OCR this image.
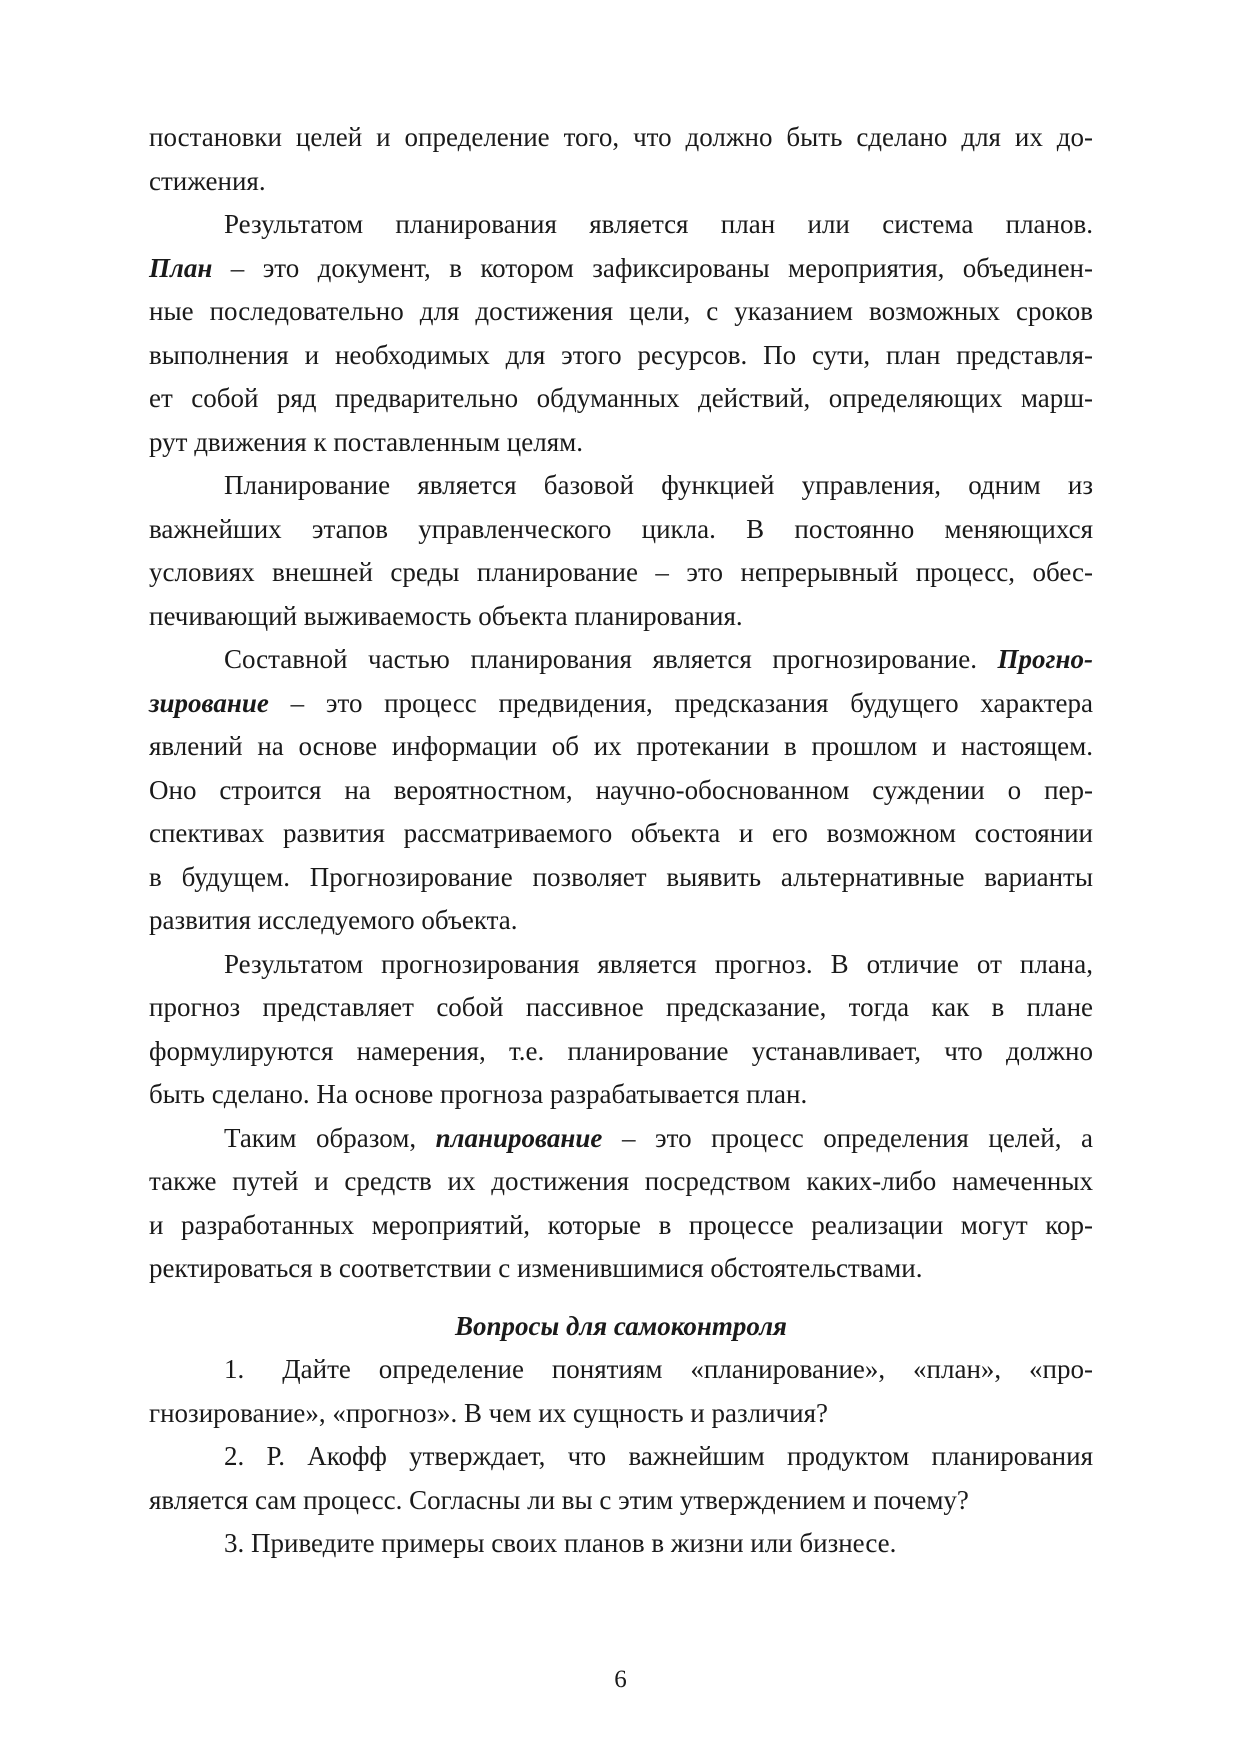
постановки целей и определение того, что должно быть сделано для их до-
стижения.
Результатом планирования является план или система планов.
План – это документ, в котором зафиксированы мероприятия, объединен-
ные последовательно для достижения цели, с указанием возможных сроков
выполнения и необходимых для этого ресурсов. По сути, план представля-
ет собой ряд предварительно обдуманных действий, определяющих марш-
рут движения к поставленным целям.
Планирование является базовой функцией управления, одним из
важнейших этапов управленческого цикла. В постоянно меняющихся
условиях внешней среды планирование – это непрерывный процесс, обес-
печивающий выживаемость объекта планирования.
Составной частью планирования является прогнозирование. Прогно-
зирование – это процесс предвидения, предсказания будущего характера
явлений на основе информации об их протекании в прошлом и настоящем.
Оно строится на вероятностном, научно-обоснованном суждении о пер-
спективах развития рассматриваемого объекта и его возможном состоянии
в будущем. Прогнозирование позволяет выявить альтернативные варианты
развития исследуемого объекта.
Результатом прогнозирования является прогноз. В отличие от плана,
прогноз представляет собой пассивное предсказание, тогда как в плане
формулируются намерения, т.е. планирование устанавливает, что должно
быть сделано. На основе прогноза разрабатывается план.
Таким образом, планирование – это процесс определения целей, а
также путей и средств их достижения посредством каких-либо намеченных
и разработанных мероприятий, которые в процессе реализации могут кор-
ректироваться в соответствии с изменившимися обстоятельствами.
Вопросы для самоконтроля
1. Дайте определение понятиям «планирование», «план», «про-
гнозирование», «прогноз». В чем их сущность и различия?
2. Р. Акофф утверждает, что важнейшим продуктом планирования
является сам процесс. Согласны ли вы с этим утверждением и почему?
3. Приведите примеры своих планов в жизни или бизнесе.
6
